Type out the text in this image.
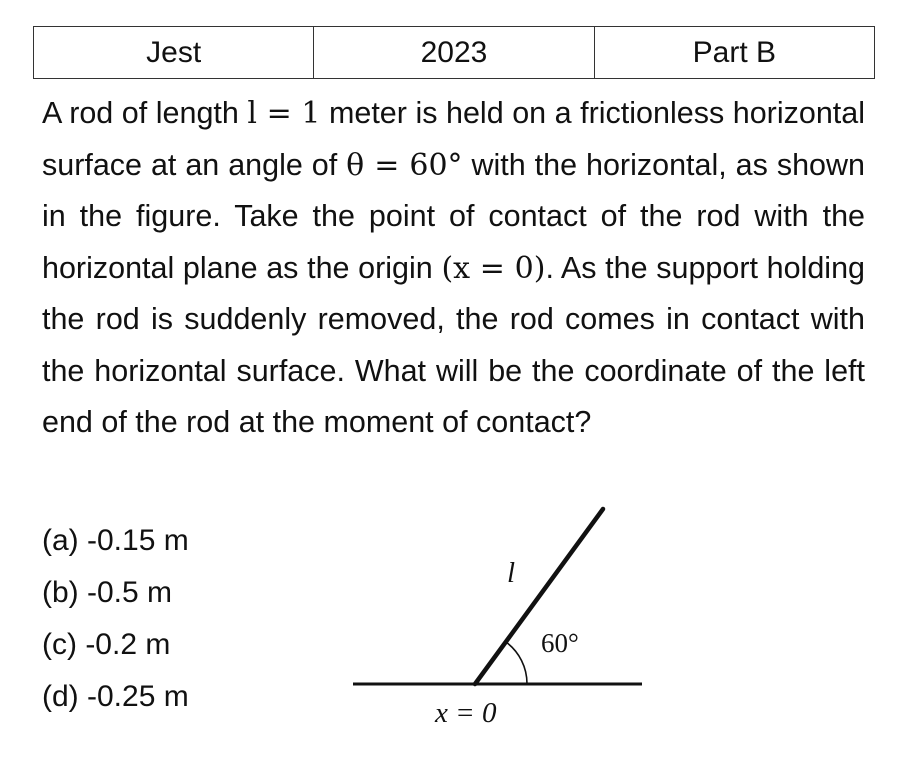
Jest	2023	Part B

A rod of length l = 1 meter is held on a frictionless horizontal surface at an angle of θ = 60° with the horizontal, as shown in the figure. Take the point of contact of the rod with the horizontal plane as the origin (x = 0). As the support holding the rod is suddenly removed, the rod comes in contact with the horizontal surface. What will be the coordinate of the left end of the rod at the moment of contact?

(a) -0.15 m
(b) -0.5 m
(c) -0.2 m
(d) -0.25 m
l
60°
x = 0
